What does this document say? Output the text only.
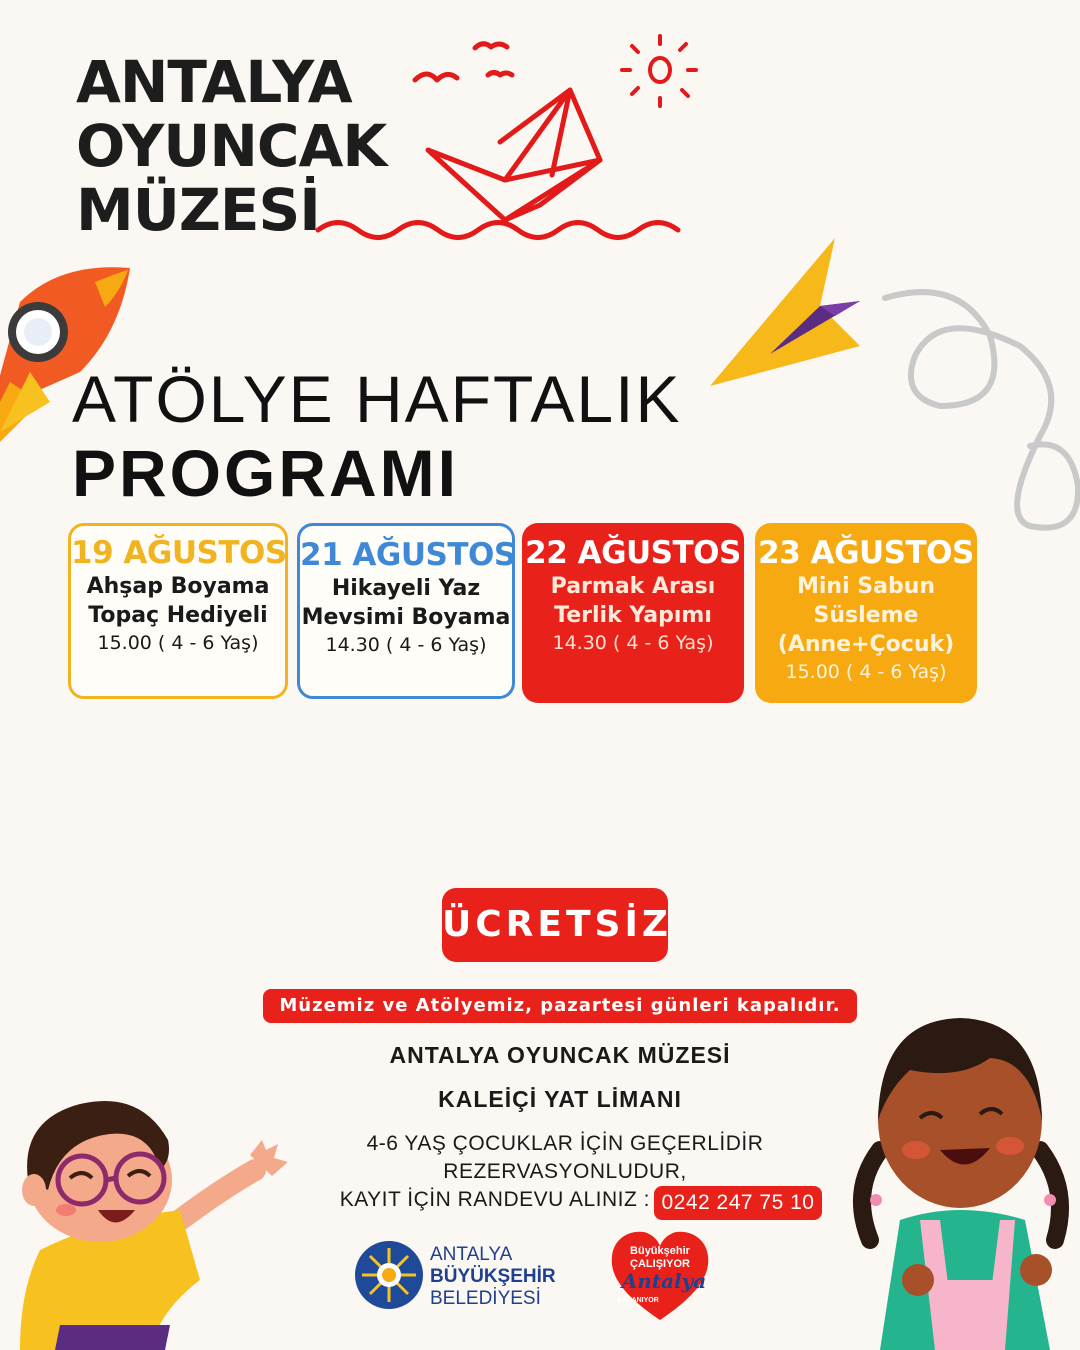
ANTALYA
OYUNCAK
MÜZESİ
ATÖLYE HAFTALIK
PROGRAMI
19 AĞUSTOS
Ahşap Boyama
Topaç Hediyeli
15.00 ( 4 - 6 Yaş)
21 AĞUSTOS
Hikayeli Yaz
Mevsimi Boyama
14.30 ( 4 - 6 Yaş)
22 AĞUSTOS
Parmak Arası
Terlik Yapımı
14.30 ( 4 - 6 Yaş)
23 AĞUSTOS
Mini Sabun
Süsleme
(Anne+Çocuk)
15.00 ( 4 - 6 Yaş)
ÜCRETSİZ
Müzemiz ve Atölyemiz, pazartesi günleri kapalıdır.
ANTALYA OYUNCAK MÜZESİ
KALEİÇİ YAT LİMANI
4-6 YAŞ ÇOCUKLAR İÇİN GEÇERLİDİR
REZERVASYONLUDUR,
KAYIT İÇİN RANDEVU ALINIZ : 0242 247 75 10
ANTALYA
BÜYÜKŞEHİR
BELEDİYESİ
Büyükşehir
ÇALIŞIYOR
Antalya
KAZANIYOR
